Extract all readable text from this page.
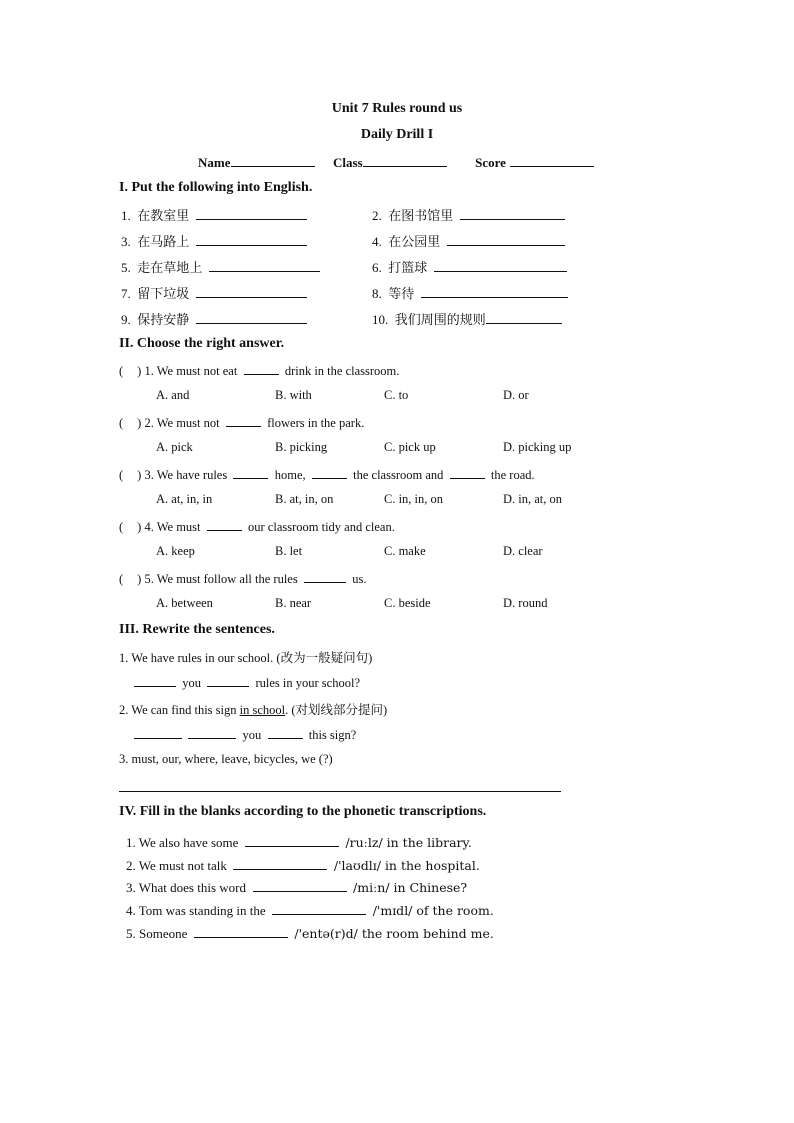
Unit 7 Rules round us
Daily Drill I
Name	Class	Score
I. Put the following into English.
1. 在教室里	2. 在图书馆里
3. 在马路上	4. 在公园里
5. 走在草地上	6. 打篮球
7. 留下垃圾	8. 等待
9. 保持安静	10. 我们周围的规则
II. Choose the right answer.
( ) 1. We must not eat	drink in the classroom.
A. and	B. with	C. to	D. or
( ) 2. We must not	flowers in the park.
A. pick	B. picking	C. pick up	D. picking up
( ) 3. We have rules	home,	the classroom and	the road.
A. at, in, in	B. at, in, on	C. in, in, on	D. in, at, on
( ) 4. We must	our classroom tidy and clean.
A. keep	B. let	C. make	D. clear
( ) 5. We must follow all the rules	us.
A. between	B. near	C. beside	D. round
III. Rewrite the sentences.
1. We have rules in our school. (改为一般疑问句)
you	rules in your school?
2. We can find this sign in school. (对划线部分提问)
you	this sign?
3. must, our, where, leave, bicycles, we (?)
IV. Fill in the blanks according to the phonetic transcriptions.
1. We also have some	/ruːlz/ in the library.
2. We must not talk	/'laʊdlɪ/ in the hospital.
3. What does this word	/miːn/ in Chinese?
4. Tom was standing in the	/'mɪdl/ of the room.
5. Someone	/'entə(r)d/ the room behind me.
